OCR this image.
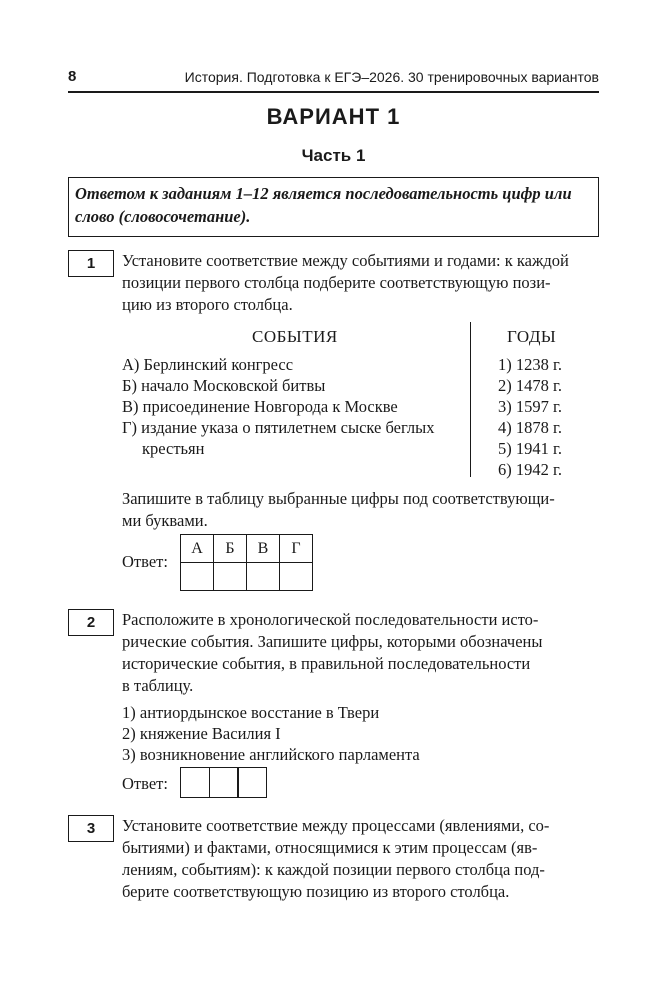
8	История. Подготовка к ЕГЭ–2026. 30 тренировочных вариантов
ВАРИАНТ 1
Часть 1
Ответом к заданиям 1–12 является последовательность цифр или
слово (словосочетание).
1	Установите соответствие между событиями и годами: к каждой
позиции первого столбца подберите соответствующую пози-
цию из второго столбца.
СОБЫТИЯ	ГОДЫ
А) Берлинский конгресс
Б) начало Московской битвы
В) присоединение Новгорода к Москве
Г) издание указа о пятилетнем сыске беглых
крестьян
1) 1238 г.
2) 1478 г.
3) 1597 г.
4) 1878 г.
5) 1941 г.
6) 1942 г.
Запишите в таблицу выбранные цифры под соответствующи-
ми буквами.
Ответ:
А	Б	В	Г

2	Расположите в хронологической последовательности исто-
рические события. Запишите цифры, которыми обозначены
исторические события, в правильной последовательности
в таблицу.
1) антиордынское восстание в Твери
2) княжение Василия I
3) возникновение английского парламента
Ответ:
3	Установите соответствие между процессами (явлениями, со-
бытиями) и фактами, относящимися к этим процессам (яв-
лениям, событиям): к каждой позиции первого столбца под-
берите соответствующую позицию из второго столбца.
